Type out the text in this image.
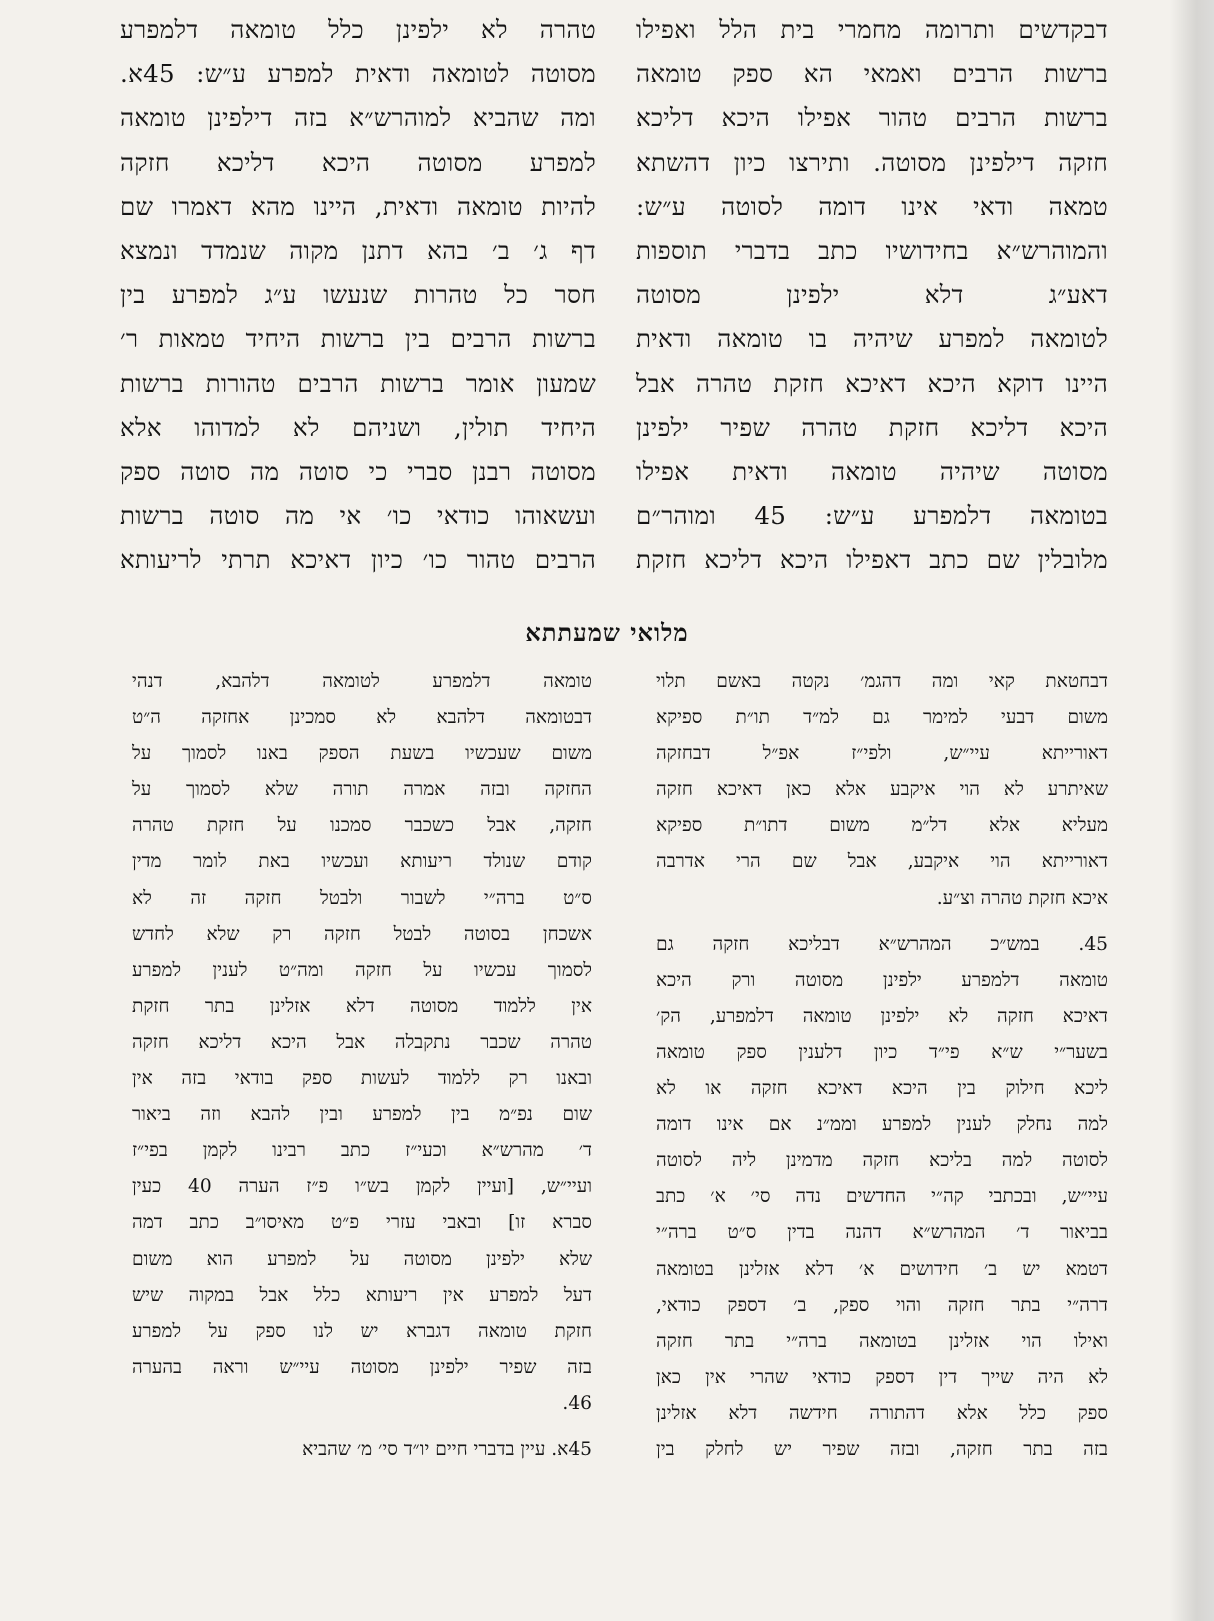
דבקדשים ותרומה מחמרי בית הלל ואפילו
ברשות הרבים ואמאי הא ספק טומאה
ברשות הרבים טהור אפילו היכא דליכא
חזקה דילפינן מסוטה. ותירצו כיון דהשתא
טמאה ודאי אינו דומה לסוטה ע״ש:
והמוהרש״א בחידושיו כתב בדברי תוספות
דאע״ג דלא ילפינן מסוטה
לטומאה למפרע שיהיה בו טומאה ודאית
היינו דוקא היכא דאיכא חזקת טהרה אבל
היכא דליכא חזקת טהרה שפיר ילפינן
מסוטה שיהיה טומאה ודאית אפילו
בטומאה דלמפרע ע״ש: 45 ומוהר״ם
מלובלין שם כתב דאפילו היכא דליכא חזקת
טהרה לא ילפינן כלל טומאה דלמפרע
מסוטה לטומאה ודאית למפרע ע״ש: 45א.
ומה שהביא למוהרש״א בזה דילפינן טומאה
למפרע מסוטה היכא דליכא חזקה
להיות טומאה ודאית, היינו מהא דאמרו שם
דף ג׳ ב׳ בהא דתנן מקוה שנמדד ונמצא
חסר כל טהרות שנעשו ע״ג למפרע בין
ברשות הרבים בין ברשות היחיד טמאות ר׳
שמעון אומר ברשות הרבים טהורות ברשות
היחיד תולין, ושניהם לא למדוהו אלא
מסוטה רבנן סברי כי סוטה מה סוטה ספק
ועשאוהו כודאי כו׳ אי מה סוטה ברשות
הרבים טהור כו׳ כיון דאיכא תרתי לריעותא
מלואי שמעתתא
דבחטאת קאי ומה דהגמ׳ נקטה באשם תלוי
משום דבעי למימר גם למ״ד תו״ת ספיקא
דאורייתא עיי״ש, ולפי״ז אפ״ל דבחזקה
שאיתרע לא הוי איקבע אלא כאן דאיכא חזקה
מעליא אלא דל״מ משום דתו״ת ספיקא
דאורייתא הוי איקבע, אבל שם הרי אדרבה
איכא חזקת טהרה וצ״ע.
45. במש״כ המהרש״א דבליכא חזקה גם
טומאה דלמפרע ילפינן מסוטה ורק היכא
דאיכא חזקה לא ילפינן טומאה דלמפרע, הק׳
בשער״י ש״א פי״ד כיון דלענין ספק טומאה
ליכא חילוק בין היכא דאיכא חזקה או לא
למה נחלק לענין למפרע וממ״נ אם אינו דומה
לסוטה למה בליכא חזקה מדמינן ליה לסוטה
עיי״ש, ובכתבי קה״י החדשים נדה סי׳ א׳ כתב
בביאור ד׳ המהרש״א דהנה בדין ס״ט ברה״י
דטמא יש ב׳ חידושים א׳ דלא אזלינן בטומאה
דרה״י בתר חזקה והוי ספק, ב׳ דספק כודאי,
ואילו הוי אזלינן בטומאה ברה״י בתר חזקה
לא היה שייך דין דספק כודאי שהרי אין כאן
ספק כלל אלא דהתורה חידשה דלא אזלינן
בזה בתר חזקה, ובזה שפיר יש לחלק בין
טומאה דלמפרע לטומאה דלהבא, דנהי
דבטומאה דלהבא לא סמכינן אחזקה ה״ט
משום שעכשיו בשעת הספק באנו לסמוך על
החזקה ובזה אמרה תורה שלא לסמוך על
חזקה, אבל כשכבר סמכנו על חזקת טהרה
קודם שנולד ריעותא ועכשיו באת לומר מדין
ס״ט ברה״י לשבור ולבטל חזקה זה לא
אשכחן בסוטה לבטל חזקה רק שלא לחדש
לסמוך עכשיו על חזקה ומה״ט לענין למפרע
אין ללמוד מסוטה דלא אזלינן בתר חזקת
טהרה שכבר נתקבלה אבל היכא דליכא חזקה
ובאנו רק ללמוד לעשות ספק בודאי בזה אין
שום נפ״מ בין למפרע ובין להבא וזה ביאור
ד׳ מהרש״א וכעי״ז כתב רבינו לקמן בפי״ז
ועיי״ש, [ועיין לקמן בש״ו פ״ז הערה 40 כעין
סברא זו] ובאבי עזרי פ״ט מאיסו״ב כתב דמה
שלא ילפינן מסוטה על למפרע הוא משום
דעל למפרע אין ריעותא כלל אבל במקוה שיש
חזקת טומאה דגברא יש לנו ספק על למפרע
בזה שפיר ילפינן מסוטה עיי״ש וראה בהערה
46.
45א. עיין בדברי חיים יו״ד סי׳ מ׳ שהביא
